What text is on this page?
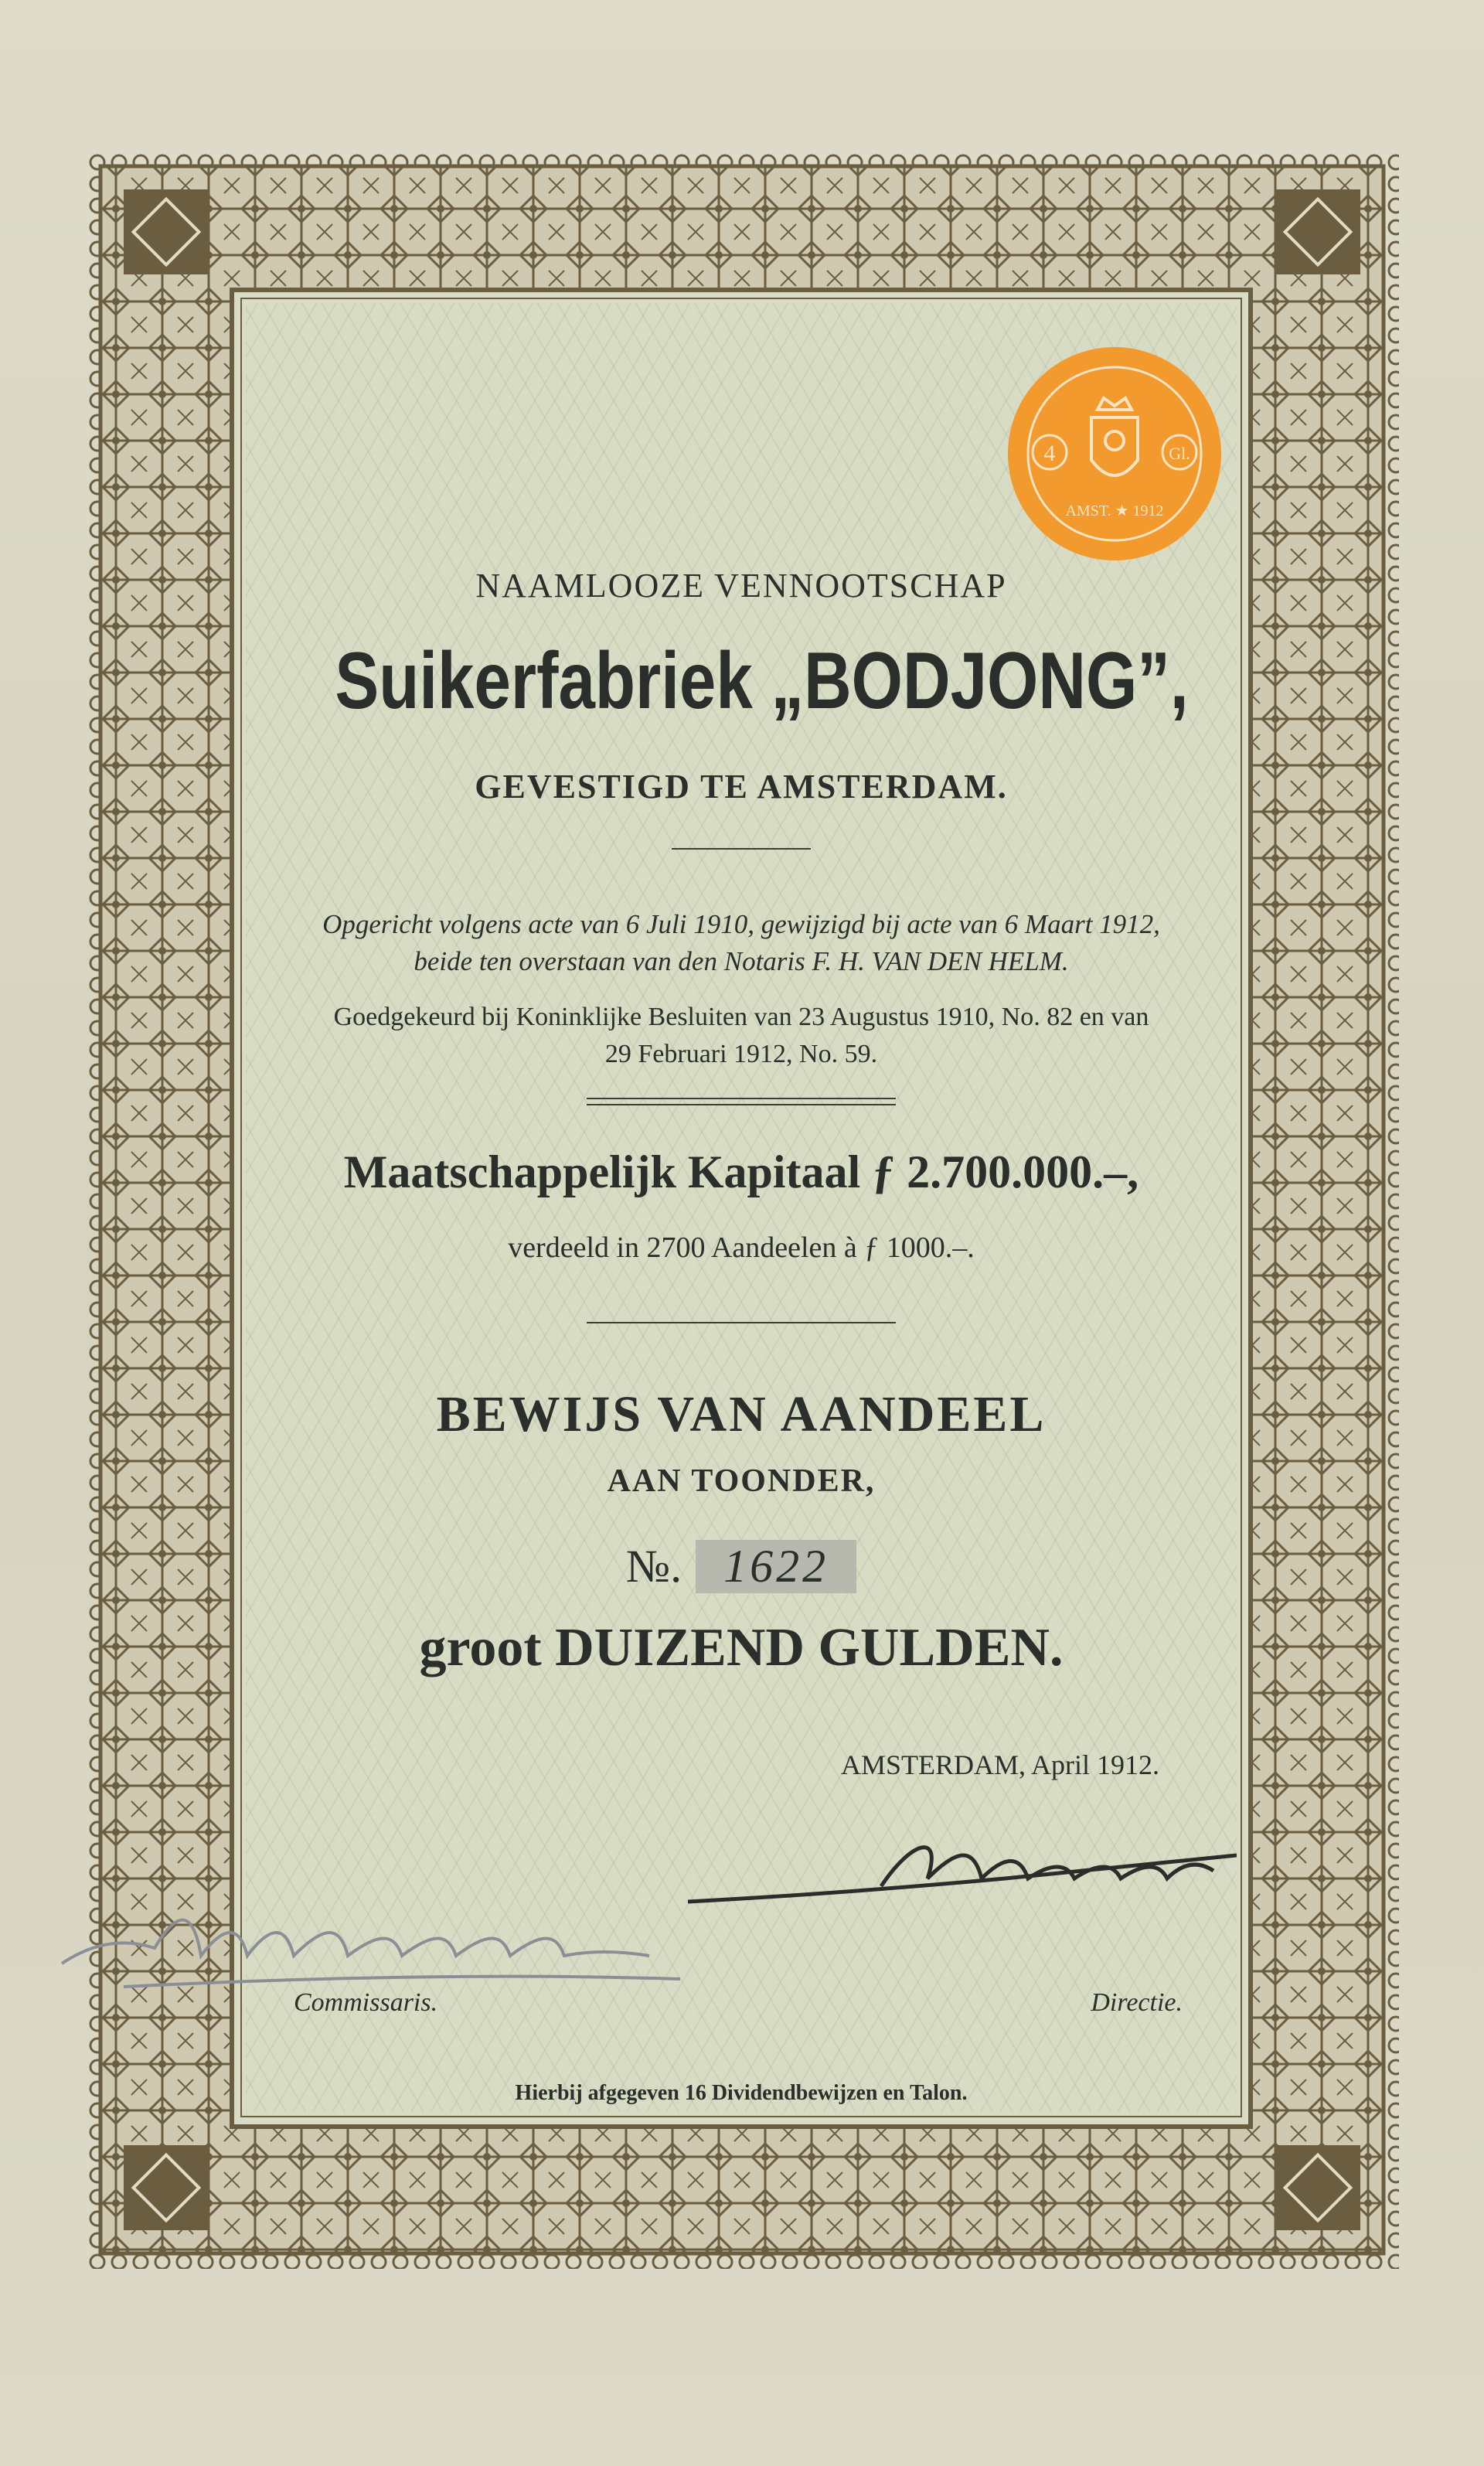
NAAMLOOZE VENNOOTSCHAP
Suikerfabriek „BODJONG”,
GEVESTIGD TE AMSTERDAM.
Opgericht volgens acte van 6 Juli 1910, gewijzigd bij acte van 6 Maart 1912,
beide ten overstaan van den Notaris F. H. VAN DEN HELM.
Goedgekeurd bij Koninklijke Besluiten van 23 Augustus 1910, No. 82 en van
29 Februari 1912, No. 59.
Maatschappelijk Kapitaal ƒ 2.700.000.–,
verdeeld in 2700 Aandeelen à ƒ 1000.–.
BEWIJS VAN AANDEEL
AAN TOONDER,
№. 1622
groot DUIZEND GULDEN.
AMSTERDAM, April 1912.
Commissaris.	Directie.
Hierbij afgegeven 16 Dividendbewijzen en Talon.
4	Gl.
AMST. ★ 1912
